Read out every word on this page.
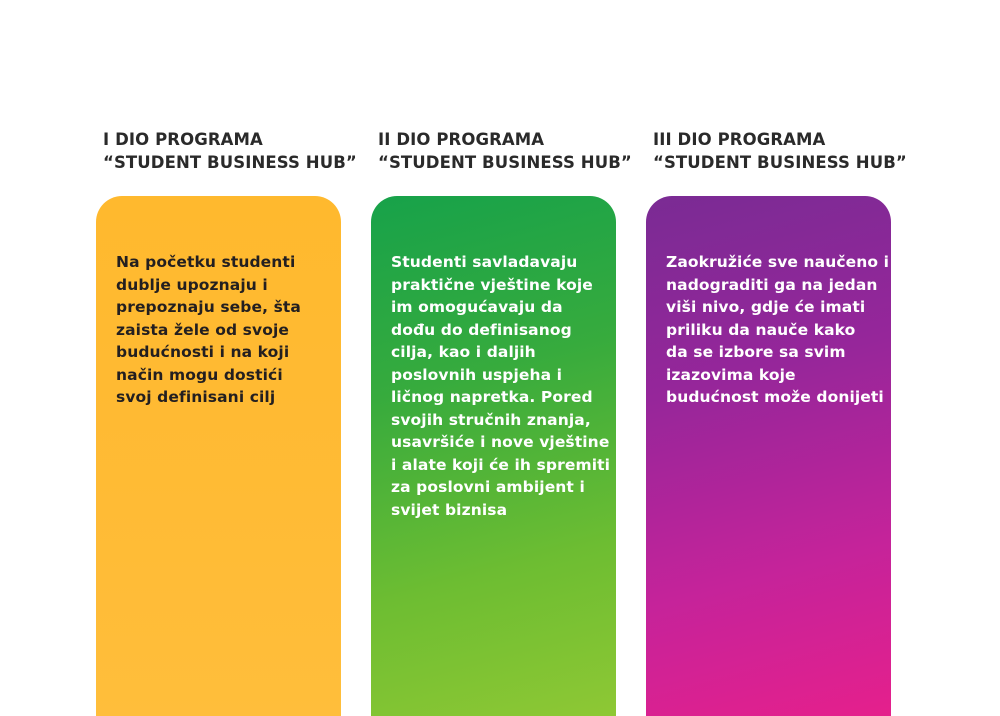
I DIO PROGRAMA
“STUDENT BUSINESS HUB”
Na početku studenti
dublje upoznaju i
prepoznaju sebe, šta
zaista žele od svoje
budućnosti i na koji
način mogu dostići
svoj definisani cilj
II DIO PROGRAMA
“STUDENT BUSINESS HUB”
Studenti savladavaju
praktične vještine koje
im omogućavaju da
dođu do definisanog
cilja, kao i daljih
poslovnih uspjeha i
ličnog napretka. Pored
svojih stručnih znanja,
usavršiće i nove vještine
i alate koji će ih spremiti
za poslovni ambijent i
svijet biznisa
III DIO PROGRAMA
“STUDENT BUSINESS HUB”
Zaokružiće sve naučeno i
nadograditi ga na jedan
viši nivo, gdje će imati
priliku da nauče kako
da se izbore sa svim
izazovima koje
budućnost može donijeti
